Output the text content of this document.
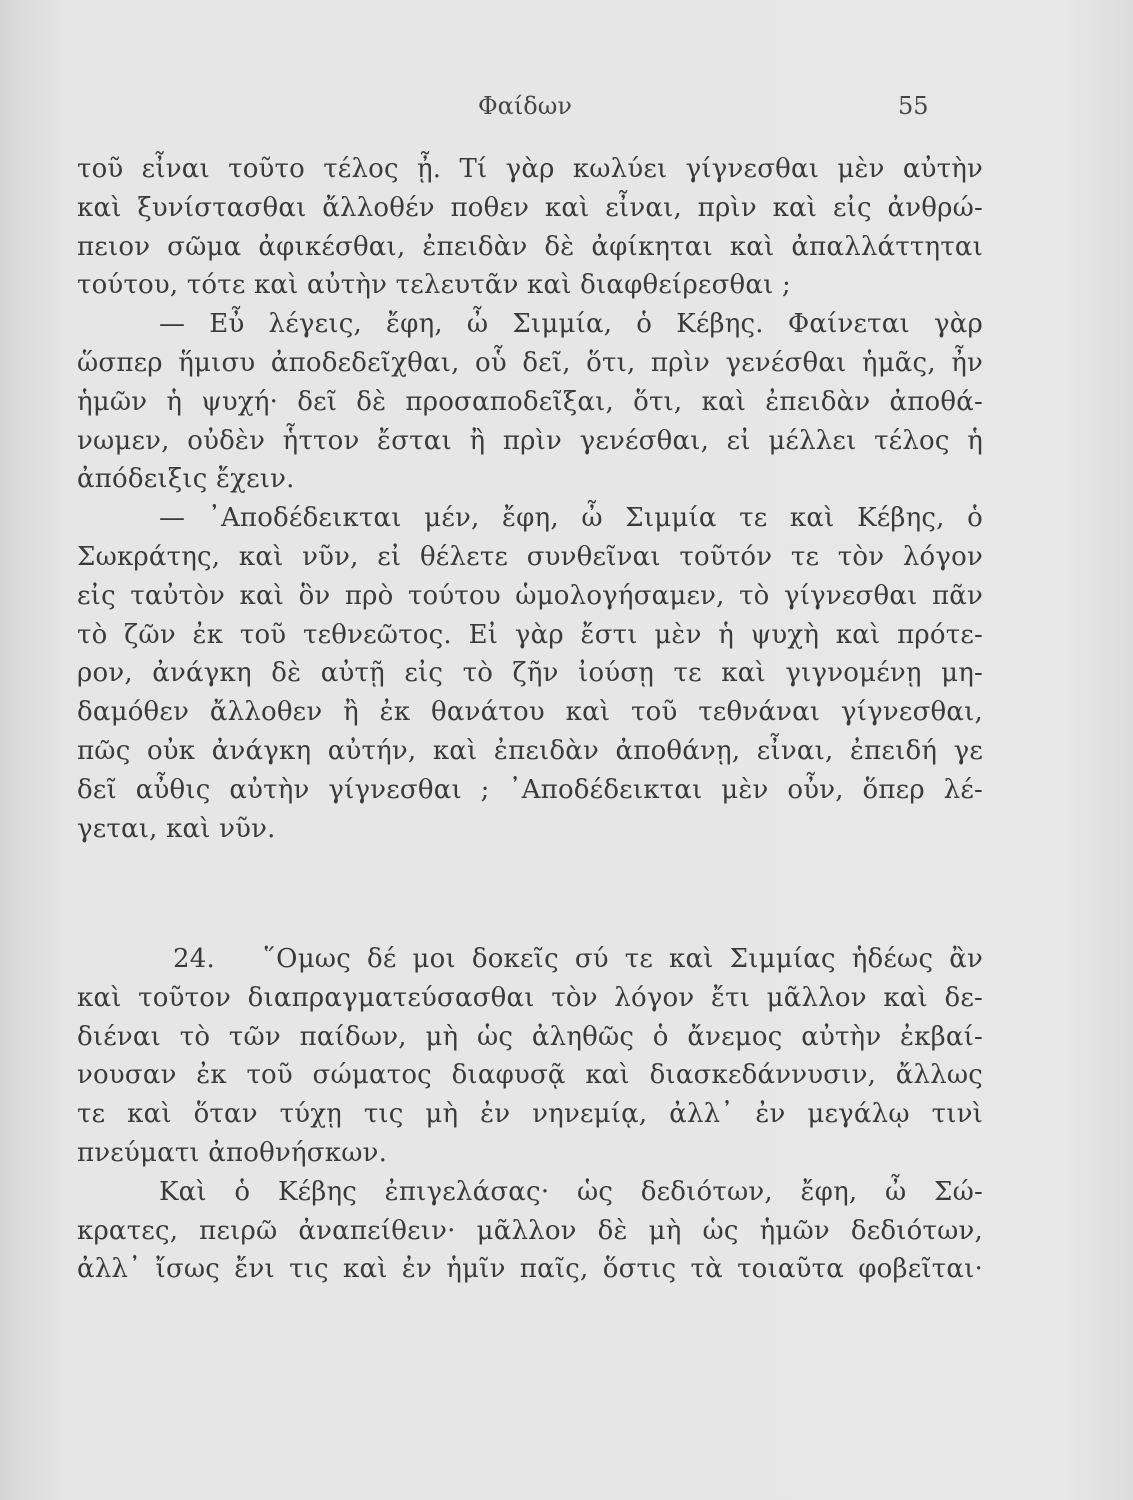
Φαίδων	55
τοῦ εἶναι τοῦτο τέλος ᾖ. Τί γὰρ κωλύει γίγνεσθαι μὲν αὐτὴν
καὶ ξυνίστασθαι ἄλλοθέν ποθεν καὶ εἶναι, πρὶν καὶ εἰς ἀνθρώ-
πειον σῶμα ἀφικέσθαι, ἐπειδὰν δὲ ἀφίκηται καὶ ἀπαλλάττηται
τούτου, τότε καὶ αὐτὴν τελευτᾶν καὶ διαφθείρεσθαι ;
— Εὖ λέγεις, ἔφη, ὦ Σιμμία, ὁ Κέβης. Φαίνεται γὰρ
ὥσπερ ἥμισυ ἀποδεδεῖχθαι, οὗ δεῖ, ὅτι, πρὶν γενέσθαι ἡμᾶς, ἦν
ἡμῶν ἡ ψυχή· δεῖ δὲ προσαποδεῖξαι, ὅτι, καὶ ἐπειδὰν ἀποθά-
νωμεν, οὐδὲν ἧττον ἔσται ἢ πρὶν γενέσθαι, εἰ μέλλει τέλος ἡ
ἀπόδειξις ἔχειν.
— ᾿Αποδέδεικται μέν, ἔφη, ὦ Σιμμία τε καὶ Κέβης, ὁ
Σωκράτης, καὶ νῦν, εἰ θέλετε συνθεῖναι τοῦτόν τε τὸν λόγον
εἰς ταὐτὸν καὶ ὃν πρὸ τούτου ὡμολογήσαμεν, τὸ γίγνεσθαι πᾶν
τὸ ζῶν ἐκ τοῦ τεθνεῶτος. Εἰ γὰρ ἔστι μὲν ἡ ψυχὴ καὶ πρότε-
ρον, ἀνάγκη δὲ αὐτῇ εἰς τὸ ζῆν ἰούσῃ τε καὶ γιγνομένῃ μη-
δαμόθεν ἄλλοθεν ἢ ἐκ θανάτου καὶ τοῦ τεθνάναι γίγνεσθαι,
πῶς οὐκ ἀνάγκη αὐτήν, καὶ ἐπειδὰν ἀποθάνῃ, εἶναι, ἐπειδή γε
δεῖ αὖθις αὐτὴν γίγνεσθαι ; ᾿Αποδέδεικται μὲν οὖν, ὅπερ λέ-
γεται, καὶ νῦν.
24. ῞Ομως δέ μοι δοκεῖς σύ τε καὶ Σιμμίας ἡδέως ἂν
καὶ τοῦτον διαπραγματεύσασθαι τὸν λόγον ἔτι μᾶλλον καὶ δε-
διέναι τὸ τῶν παίδων, μὴ ὡς ἀληθῶς ὁ ἄνεμος αὐτὴν ἐκβαί-
νουσαν ἐκ τοῦ σώματος διαφυσᾷ καὶ διασκεδάννυσιν, ἄλλως
τε καὶ ὅταν τύχῃ τις μὴ ἐν νηνεμίᾳ, ἀλλ᾿ ἐν μεγάλῳ τινὶ
πνεύματι ἀποθνήσκων.
Καὶ ὁ Κέβης ἐπιγελάσας· ὡς δεδιότων, ἔφη, ὦ Σώ-
κρατες, πειρῶ ἀναπείθειν· μᾶλλον δὲ μὴ ὡς ἡμῶν δεδιότων,
ἀλλ᾿ ἴσως ἔνι τις καὶ ἐν ἡμῖν παῖς, ὅστις τὰ τοιαῦτα φοβεῖται·
